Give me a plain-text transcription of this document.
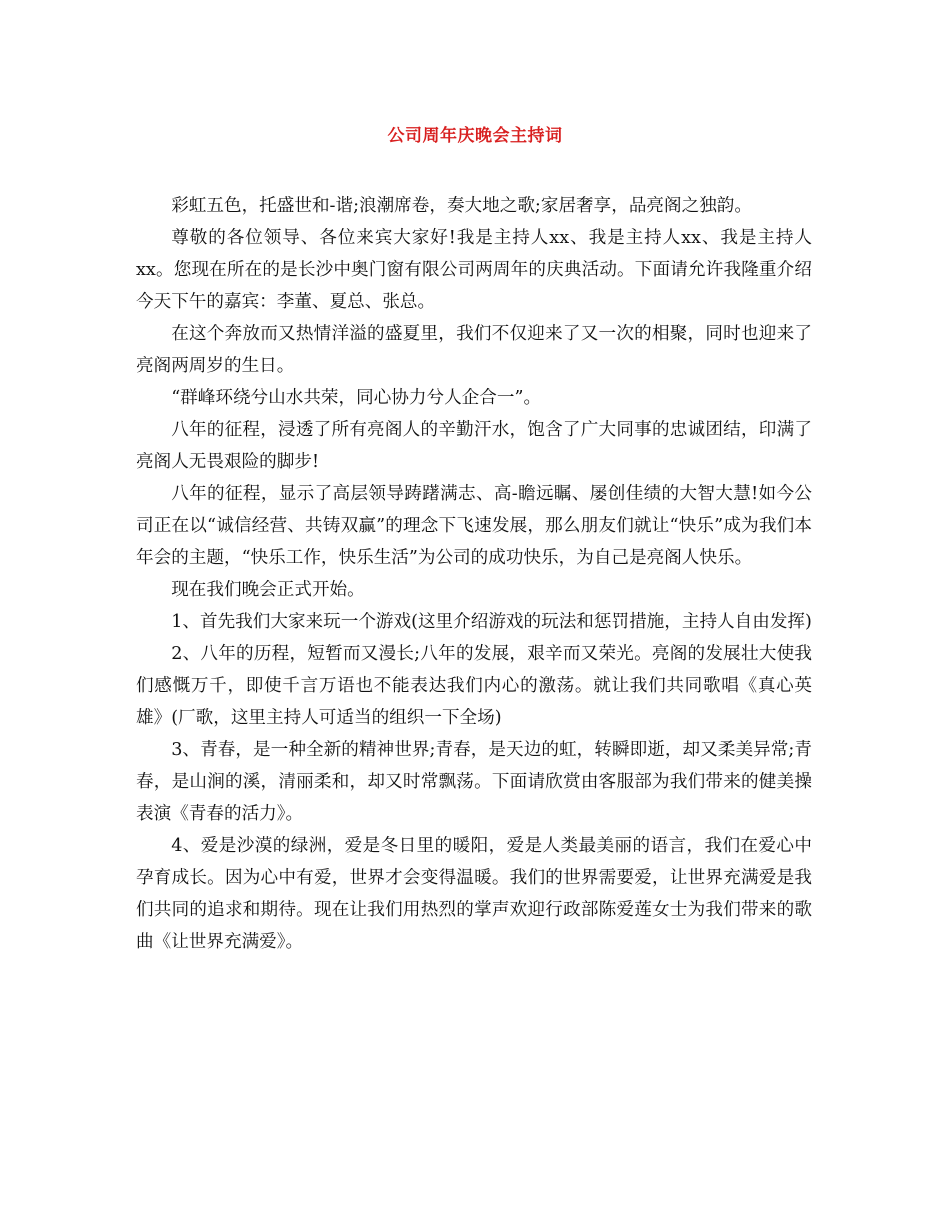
公司周年庆晚会主持词

彩虹五色，托盛世和-谐;浪潮席卷，奏大地之歌;家居奢享，品亮阁之独韵。

尊敬的各位领导、各位来宾大家好!我是主持人xx、我是主持人xx、我是主持人xx。您现在所在的是长沙中奥门窗有限公司两周年的庆典活动。下面请允许我隆重介绍今天下午的嘉宾：李董、夏总、张总。

在这个奔放而又热情洋溢的盛夏里，我们不仅迎来了又一次的相聚，同时也迎来了亮阁两周岁的生日。

“群峰环绕兮山水共荣，同心协力兮人企合一”。

八年的征程，浸透了所有亮阁人的辛勤汗水，饱含了广大同事的忠诚团结，印满了亮阁人无畏艰险的脚步!

八年的征程，显示了高层领导踌躇满志、高-瞻远瞩、屡创佳绩的大智大慧!如今公司正在以“诚信经营、共铸双赢”的理念下飞速发展，那么朋友们就让“快乐”成为我们本年会的主题，“快乐工作，快乐生活”为公司的成功快乐，为自己是亮阁人快乐。

现在我们晚会正式开始。

1、首先我们大家来玩一个游戏(这里介绍游戏的玩法和惩罚措施，主持人自由发挥)

2、八年的历程，短暂而又漫长;八年的发展，艰辛而又荣光。亮阁的发展壮大使我们感慨万千，即使千言万语也不能表达我们内心的激荡。就让我们共同歌唱《真心英雄》(厂歌，这里主持人可适当的组织一下全场)

3、青春，是一种全新的精神世界;青春，是天边的虹，转瞬即逝，却又柔美异常;青春，是山涧的溪，清丽柔和，却又时常飘荡。下面请欣赏由客服部为我们带来的健美操表演《青春的活力》。

4、爱是沙漠的绿洲，爱是冬日里的暖阳，爱是人类最美丽的语言，我们在爱心中孕育成长。因为心中有爱，世界才会变得温暖。我们的世界需要爱，让世界充满爱是我们共同的追求和期待。现在让我们用热烈的掌声欢迎行政部陈爱莲女士为我们带来的歌曲《让世界充满爱》。
